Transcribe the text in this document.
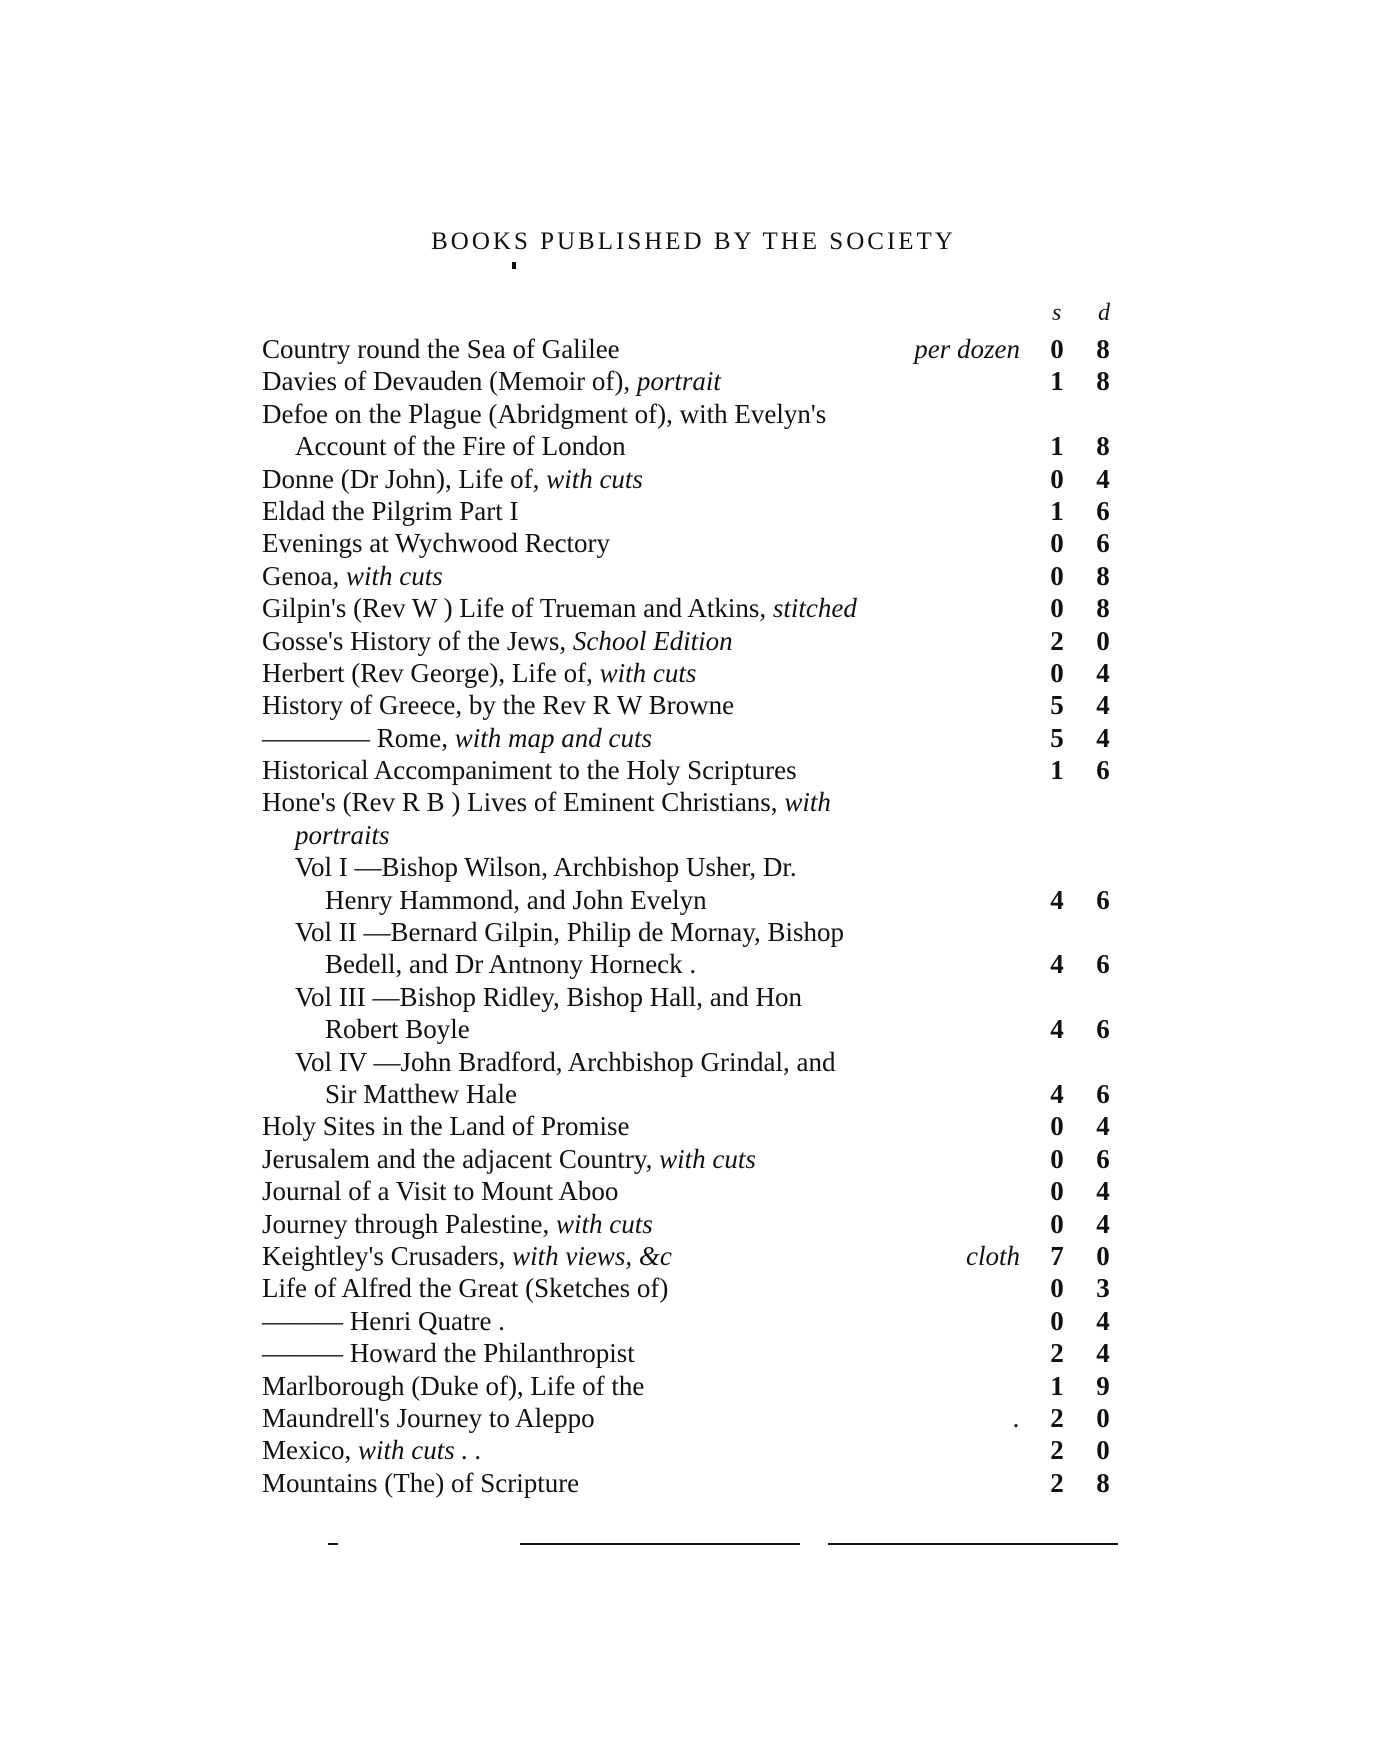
BOOKS PUBLISHED BY THE SOCIETY
s d
Country round the Sea of Galilee	per dozen 0 8
Davies of Devauden (Memoir of), portrait	1 8
Defoe on the Plague (Abridgment of), with Evelyn's
Account of the Fire of London	1 8
Donne (Dr John), Life of, with cuts	0 4
Eldad the Pilgrim Part I	1 6
Evenings at Wychwood Rectory	0 6
Genoa, with cuts	0 8
Gilpin's (Rev W ) Life of Trueman and Atkins, stitched	0 8
Gosse's History of the Jews, School Edition	2 0
Herbert (Rev George), Life of, with cuts	0 4
History of Greece, by the Rev R W Browne	5 4
———— Rome, with map and cuts	5 4
Historical Accompaniment to the Holy Scriptures	1 6
Hone's (Rev R B ) Lives of Eminent Christians, with
portraits
Vol I —Bishop Wilson, Archbishop Usher, Dr.
Henry Hammond, and John Evelyn	4 6
Vol II —Bernard Gilpin, Philip de Mornay, Bishop
Bedell, and Dr Antnony Horneck .	4 6
Vol III —Bishop Ridley, Bishop Hall, and Hon
Robert Boyle	4 6
Vol IV —John Bradford, Archbishop Grindal, and
Sir Matthew Hale	4 6
Holy Sites in the Land of Promise	0 4
Jerusalem and the adjacent Country, with cuts	0 6
Journal of a Visit to Mount Aboo	0 4
Journey through Palestine, with cuts	0 4
Keightley's Crusaders, with views, &c	cloth 7 0
Life of Alfred the Great (Sketches of)	0 3
——— Henri Quatre .	0 4
——— Howard the Philanthropist	2 4
Marlborough (Duke of), Life of the	1 9
Maundrell's Journey to Aleppo	. 2 0
Mexico, with cuts . .	2 0
Mountains (The) of Scripture	2 8
